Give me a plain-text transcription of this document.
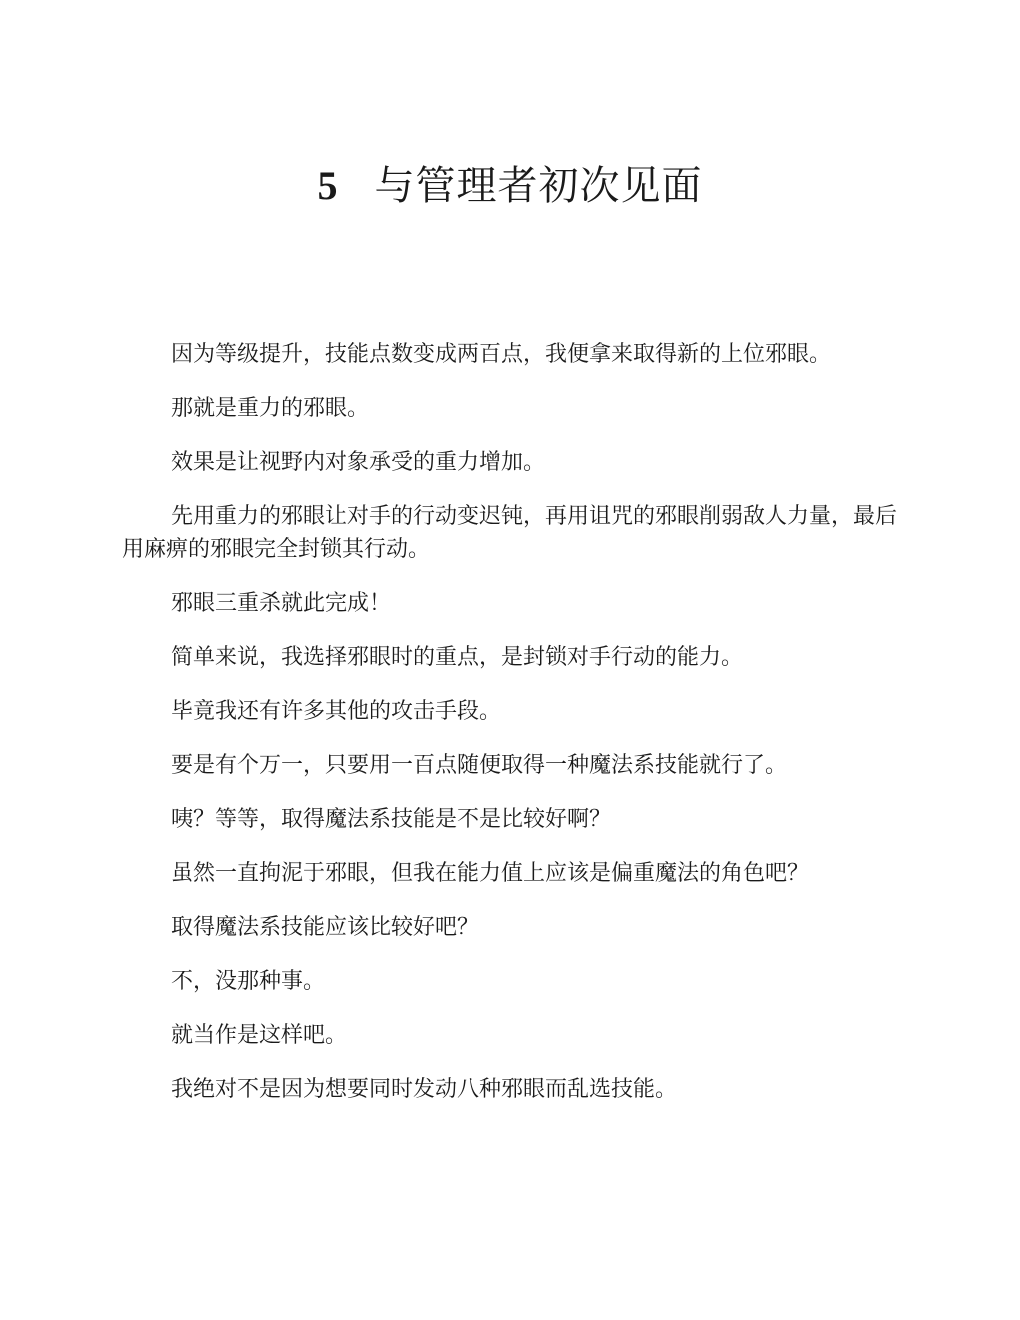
5 与管理者初次见面

因为等级提升，技能点数变成两百点，我便拿来取得新的上位邪眼。

那就是重力的邪眼。

效果是让视野内对象承受的重力增加。

先用重力的邪眼让对手的行动变迟钝，再用诅咒的邪眼削弱敌人力量，最后用麻痹的邪眼完全封锁其行动。

邪眼三重杀就此完成！

简单来说，我选择邪眼时的重点，是封锁对手行动的能力。

毕竟我还有许多其他的攻击手段。

要是有个万一，只要用一百点随便取得一种魔法系技能就行了。

咦？等等，取得魔法系技能是不是比较好啊？

虽然一直拘泥于邪眼，但我在能力值上应该是偏重魔法的角色吧？

取得魔法系技能应该比较好吧？

不，没那种事。

就当作是这样吧。

我绝对不是因为想要同时发动八种邪眼而乱选技能。
